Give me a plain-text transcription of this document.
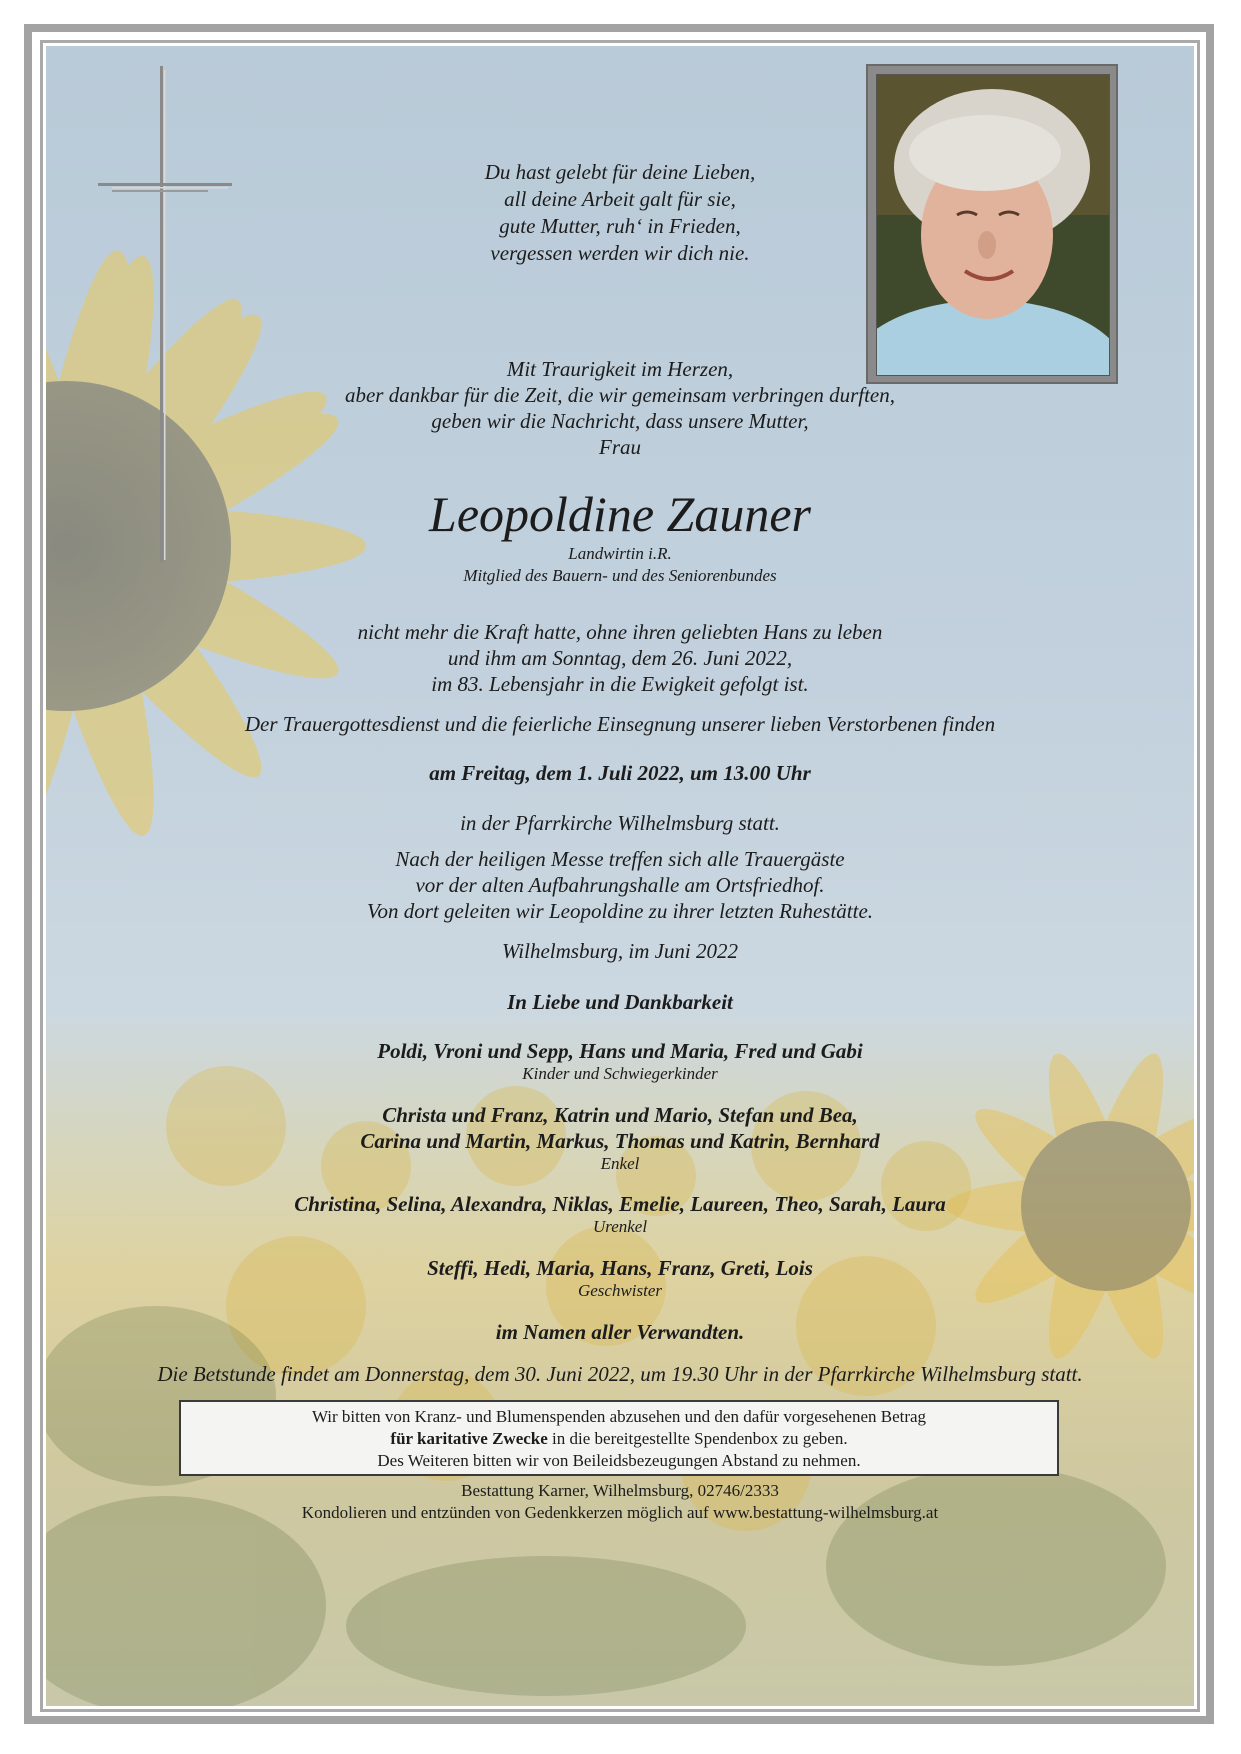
Du hast gelebt für deine Lieben,
all deine Arbeit galt für sie,
gute Mutter, ruh‘ in Frieden,
vergessen werden wir dich nie.
Mit Traurigkeit im Herzen,
aber dankbar für die Zeit, die wir gemeinsam verbringen durften,
geben wir die Nachricht, dass unsere Mutter,
Frau
Leopoldine Zauner
Landwirtin i.R.
Mitglied des Bauern- und des Seniorenbundes
nicht mehr die Kraft hatte, ohne ihren geliebten Hans zu leben
und ihm am Sonntag, dem 26. Juni 2022,
im 83. Lebensjahr in die Ewigkeit gefolgt ist.
Der Trauergottesdienst und die feierliche Einsegnung unserer lieben Verstorbenen finden
am Freitag, dem 1. Juli 2022, um 13.00 Uhr
in der Pfarrkirche Wilhelmsburg statt.
Nach der heiligen Messe treffen sich alle Trauergäste
vor der alten Aufbahrungshalle am Ortsfriedhof.
Von dort geleiten wir Leopoldine zu ihrer letzten Ruhestätte.
Wilhelmsburg, im Juni 2022
In Liebe und Dankbarkeit
Poldi, Vroni und Sepp, Hans und Maria, Fred und Gabi
Kinder und Schwiegerkinder
Christa und Franz, Katrin und Mario, Stefan und Bea,
Carina und Martin, Markus, Thomas und Katrin, Bernhard
Enkel
Christina, Selina, Alexandra, Niklas, Emelie, Laureen, Theo, Sarah, Laura
Urenkel
Steffi, Hedi, Maria, Hans, Franz, Greti, Lois
Geschwister
im Namen aller Verwandten.
Die Betstunde findet am Donnerstag, dem 30. Juni 2022, um 19.30 Uhr in der Pfarrkirche Wilhelmsburg statt.
Wir bitten von Kranz- und Blumenspenden abzusehen und den dafür vorgesehenen Betrag
für karitative Zwecke in die bereitgestellte Spendenbox zu geben.
Des Weiteren bitten wir von Beileidsbezeugungen Abstand zu nehmen.
Bestattung Karner, Wilhelmsburg, 02746/2333
Kondolieren und entzünden von Gedenkkerzen möglich auf www.bestattung-wilhelmsburg.at
